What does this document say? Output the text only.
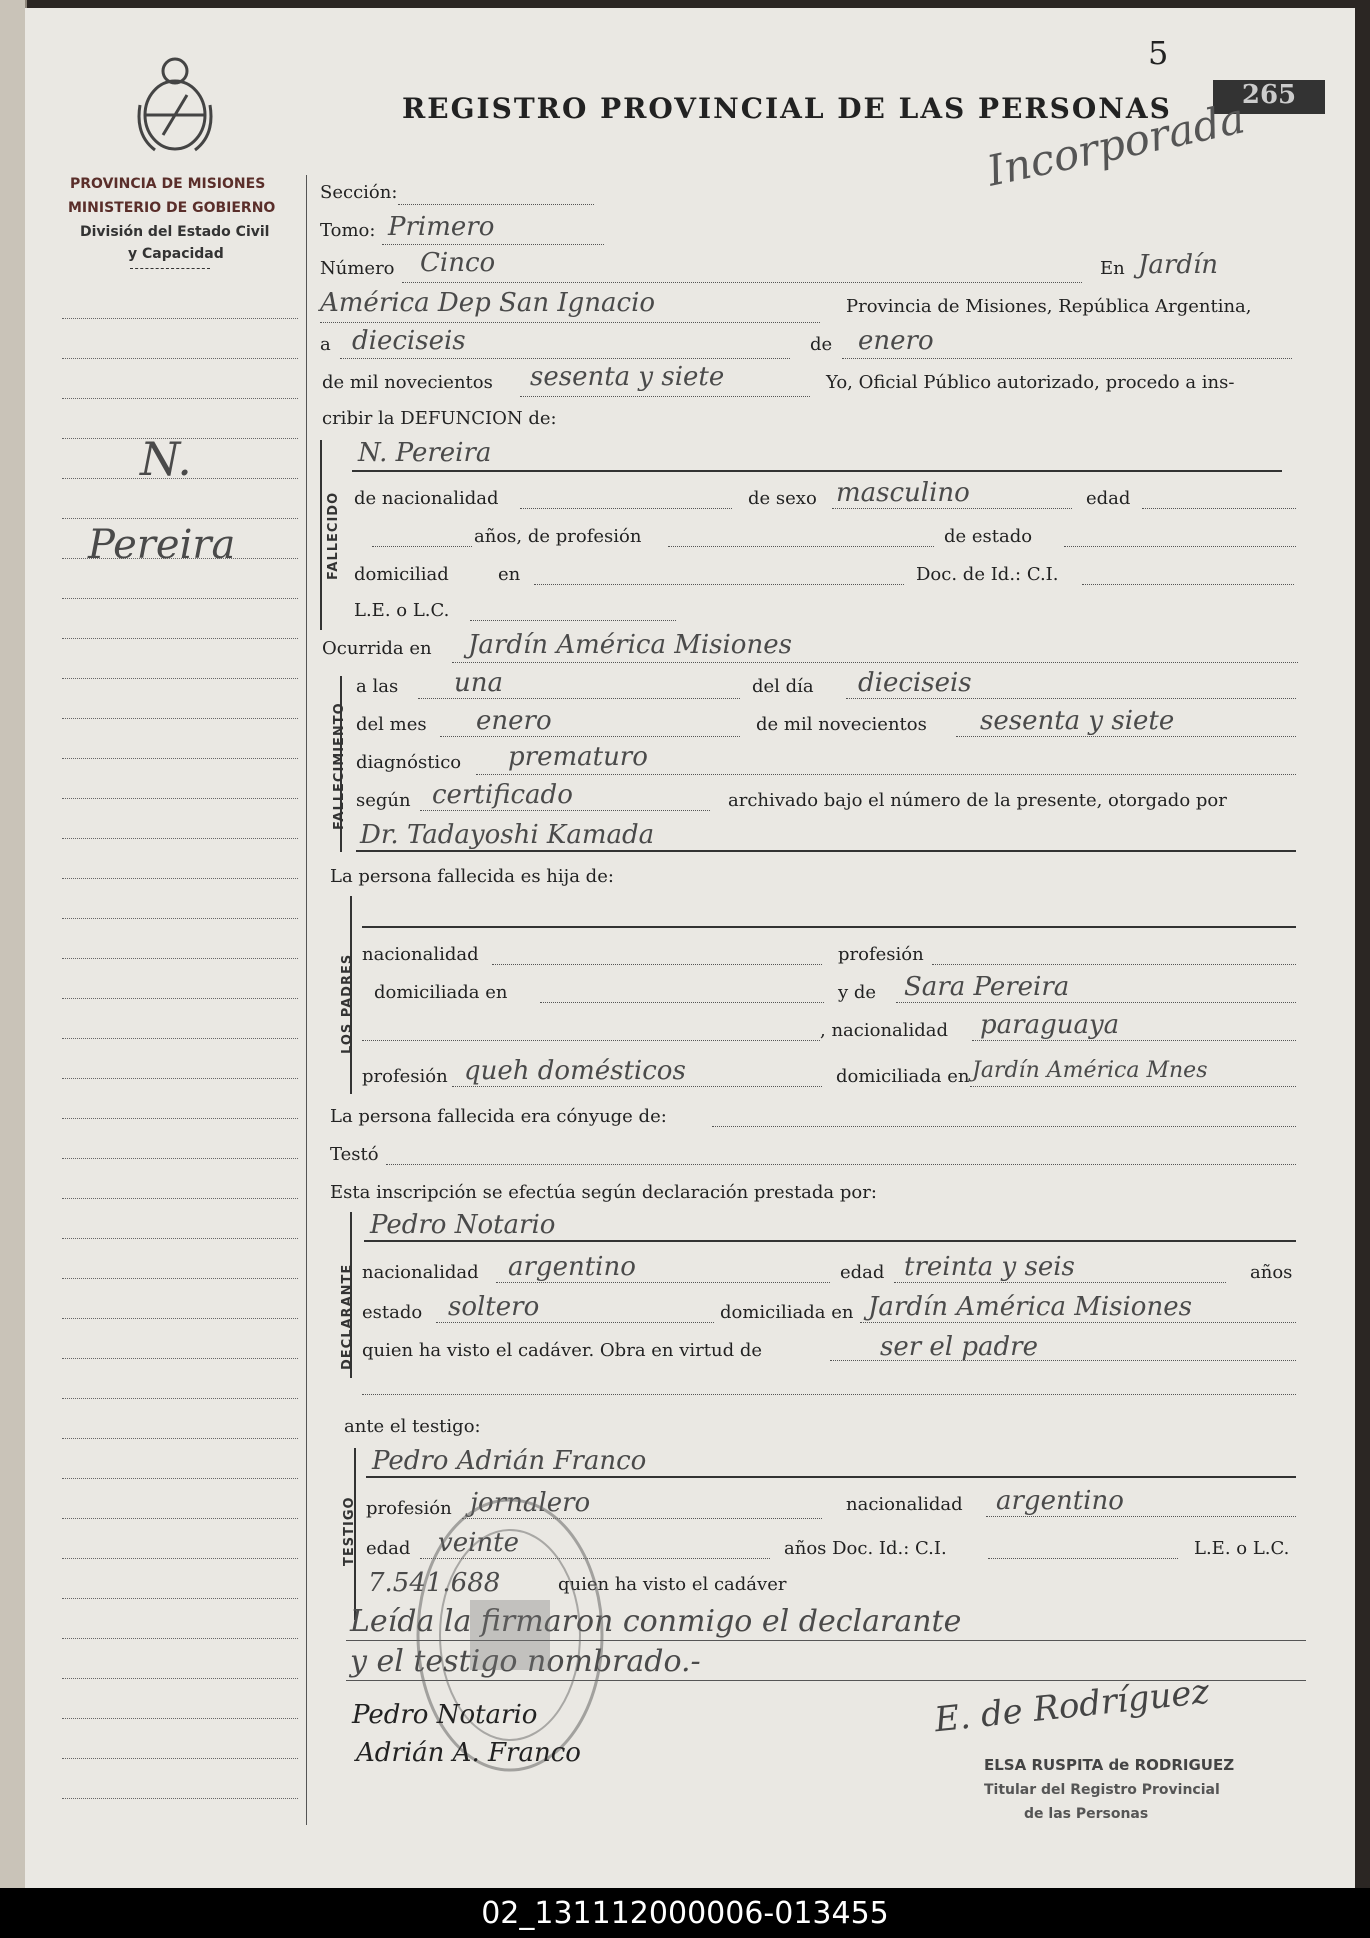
5
REGISTRO PROVINCIAL DE LAS PERSONAS	265
Incorporada
PROVINCIA DE MISIONES
MINISTERIO DE GOBIERNO
División del Estado Civil
y Capacidad
N.
Pereira
Sección:
Tomo: Primero
Número Cinco	En Jardín
América Dep San Ignacio	Provincia de Misiones, República Argentina,
a dieciseis	de enero
de mil novecientos sesenta y siete	Yo, Oficial Público autorizado, procedo a ins-
cribir la DEFUNCION de:
FALLECIDO
N. Pereira
de nacionalidad	de sexo masculino	edad
años, de profesión	de estado
domiciliad	en	Doc. de Id.: C.I.
L.E. o L.C.
Ocurrida en Jardín América Misiones
FALLECIMIENTO
a las una	del día dieciseis
del mes enero	de mil novecientos sesenta y siete
diagnóstico prematuro
según certificado	archivado bajo el número de la presente, otorgado por
Dr. Tadayoshi Kamada
La persona fallecida es hija de:
LOS PADRES nacionalidad	profesión
domiciliada en	y de Sara Pereira
, nacionalidad paraguaya
profesión queh domésticos	domiciliada en Jardín América Mnes
La persona fallecida era cónyuge de:
Testó
Esta inscripción se efectúa según declaración prestada por:
DECLARANTE
Pedro Notario
nacionalidad argentino	edad treinta y seis	años
estado soltero	domiciliada en Jardín América Misiones
quien ha visto el cadáver. Obra en virtud de	ser el padre
ante el testigo:
TESTIGO
Pedro Adrián Franco
profesión jornalero	nacionalidad argentino
edad veinte	años Doc. Id.: C.I.	L.E. o L.C.
7.541.688	quien ha visto el cadáver
Leída la firmaron conmigo el declarante
y el testigo nombrado.-
Pedro Notario
Adrián A. Franco
E. de Rodríguez
ELSA RUSPITA de RODRIGUEZ
Titular del Registro Provincial
de las Personas
02_131112000006-013455
